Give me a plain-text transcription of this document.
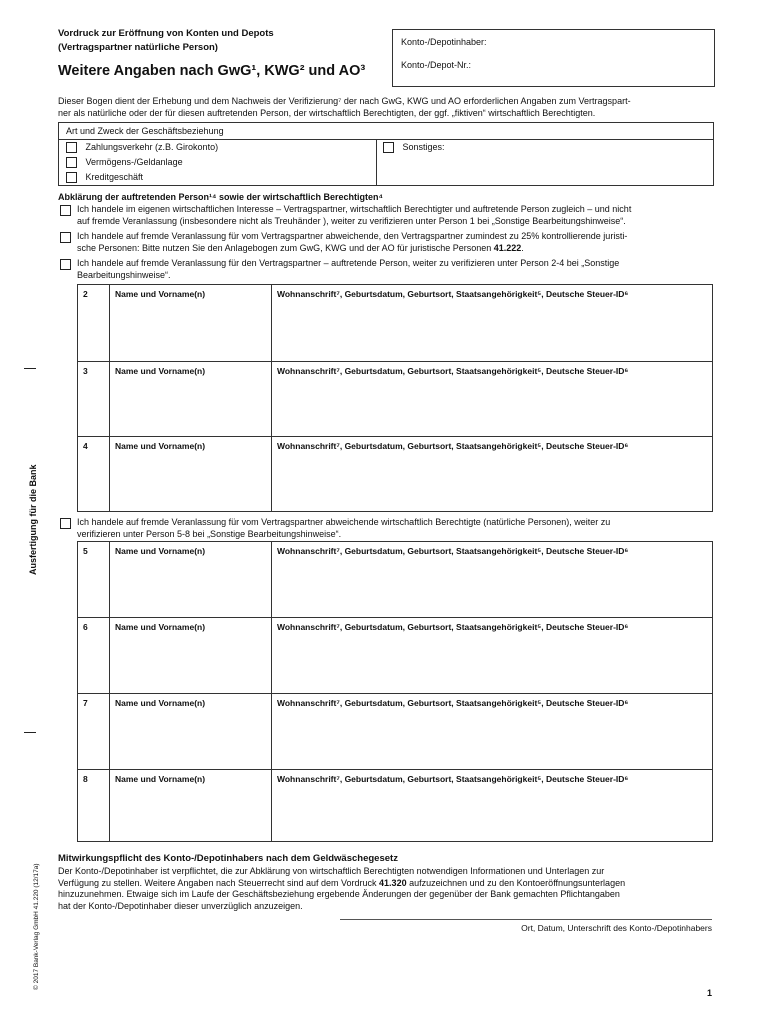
Vordruck zur Eröffnung von Konten und Depots
(Vertragspartner natürliche Person)
Weitere Angaben nach GwG¹, KWG² und AO³
Konto-/Depotinhaber:
Konto-/Depot-Nr.:
Dieser Bogen dient der Erhebung und dem Nachweis der Verifizierung⁷ der nach GwG, KWG und AO erforderlichen Angaben zum Vertragspart-
ner als natürliche oder der für diesen auftretenden Person, der wirtschaftlich Berechtigten, der ggf. „fiktiven“ wirtschaftlich Berechtigten.
Art und Zweck der Geschäftsbeziehung
Zahlungsverkehr (z.B. Girokonto)
Vermögens-/Geldanlage
Kreditgeschäft
Sonstiges:
Abklärung der auftretenden Person¹⁴ sowie der wirtschaftlich Berechtigten⁴
Ich handele im eigenen wirtschaftlichen Interesse – Vertragspartner, wirtschaftlich Berechtigter und auftretende Person zugleich – und nicht
auf fremde Veranlassung (insbesondere nicht als Treuhänder ), weiter zu verifizieren unter Person 1 bei „Sonstige Bearbeitungshinweise“.
Ich handele auf fremde Veranlassung für vom Vertragspartner abweichende, den Vertragspartner zumindest zu 25% kontrollierende juristi-
sche Personen: Bitte nutzen Sie den Anlagebogen zum GwG, KWG und der AO für juristische Personen 41.222.
Ich handele auf fremde Veranlassung für den Vertragspartner – auftretende Person, weiter zu verifizieren unter Person 2-4 bei „Sonstige
Bearbeitungshinweise“.
2	Name und Vorname(n)	Wohnanschrift⁷, Geburtsdatum, Geburtsort, Staatsangehörigkeit⁵, Deutsche Steuer-ID⁶
3	Name und Vorname(n)	Wohnanschrift⁷, Geburtsdatum, Geburtsort, Staatsangehörigkeit⁵, Deutsche Steuer-ID⁶
4	Name und Vorname(n)	Wohnanschrift⁷, Geburtsdatum, Geburtsort, Staatsangehörigkeit⁵, Deutsche Steuer-ID⁶
Ich handele auf fremde Veranlassung für vom Vertragspartner abweichende wirtschaftlich Berechtigte (natürliche Personen), weiter zu
verifizieren unter Person 5-8 bei „Sonstige Bearbeitungshinweise“.
5	Name und Vorname(n)	Wohnanschrift⁷, Geburtsdatum, Geburtsort, Staatsangehörigkeit⁵, Deutsche Steuer-ID⁶
6	Name und Vorname(n)	Wohnanschrift⁷, Geburtsdatum, Geburtsort, Staatsangehörigkeit⁵, Deutsche Steuer-ID⁶
7	Name und Vorname(n)	Wohnanschrift⁷, Geburtsdatum, Geburtsort, Staatsangehörigkeit⁵, Deutsche Steuer-ID⁶
8	Name und Vorname(n)	Wohnanschrift⁷, Geburtsdatum, Geburtsort, Staatsangehörigkeit⁵, Deutsche Steuer-ID⁶
Ausfertigung für die Bank
© 2017 Bank-Verlag GmbH 41.220 (12/17a)
Mitwirkungspflicht des Konto-/Depotinhabers nach dem Geldwäschegesetz
Der Konto-/Depotinhaber ist verpflichtet, die zur Abklärung von wirtschaftlich Berechtigten notwendigen Informationen und Unterlagen zur
Verfügung zu stellen. Weitere Angaben nach Steuerrecht sind auf dem Vordruck 41.320 aufzuzeichnen und zu den Kontoeröffnungsunterlagen
hinzuzunehmen. Etwaige sich im Laufe der Geschäftsbeziehung ergebende Änderungen der gegenüber der Bank gemachten Pflichtangaben
hat der Konto-/Depotinhaber dieser unverzüglich anzuzeigen.
Ort, Datum, Unterschrift des Konto-/Depotinhabers
1
